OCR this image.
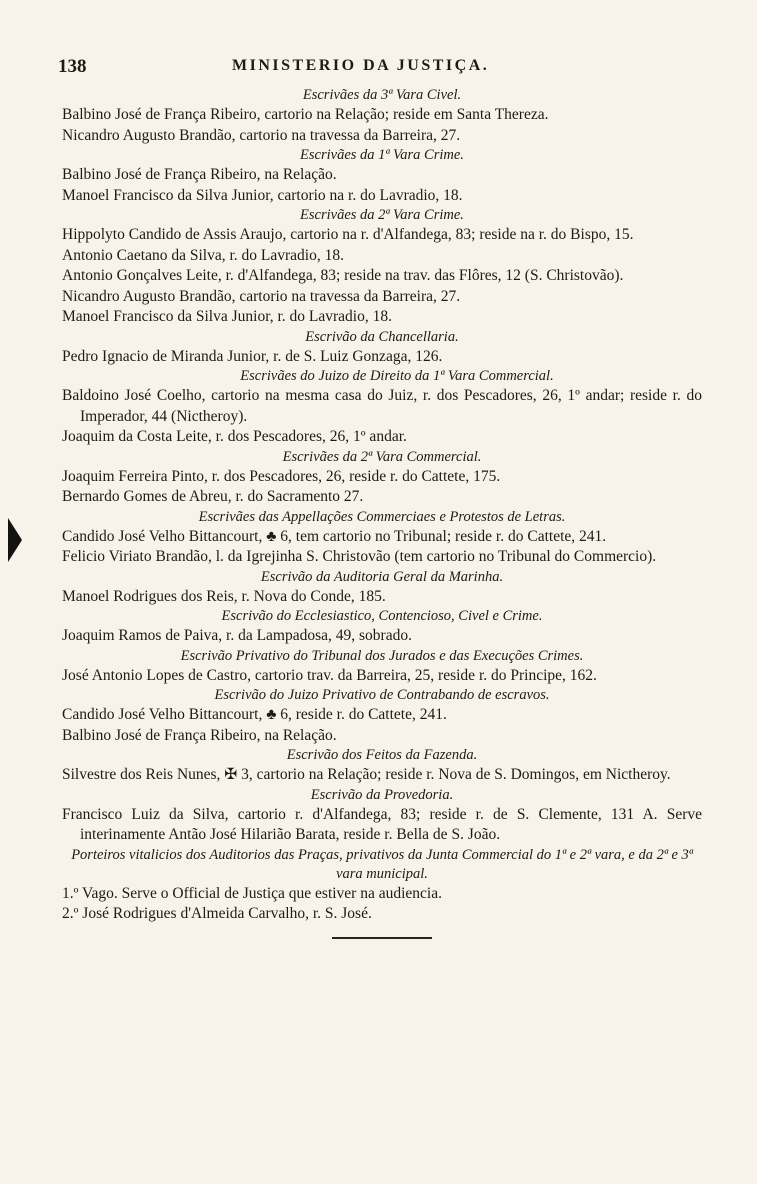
138	MINISTERIO DA JUSTIÇA.

Escrivães da 3ª Vara Civel.

Balbino José de França Ribeiro, cartorio na Relação; reside em Santa Thereza.

Nicandro Augusto Brandão, cartorio na travessa da Barreira, 27.

Escrivães da 1ª Vara Crime.

Balbino José de França Ribeiro, na Relação.

Manoel Francisco da Silva Junior, cartorio na r. do Lavradio, 18.

Escrivães da 2ª Vara Crime.

Hippolyto Candido de Assis Araujo, cartorio na r. d'Alfandega, 83; reside na r. do Bispo, 15.

Antonio Caetano da Silva, r. do Lavradio, 18.

Antonio Gonçalves Leite, r. d'Alfandega, 83; reside na trav. das Flôres, 12 (S. Christovão).

Nicandro Augusto Brandão, cartorio na travessa da Barreira, 27.

Manoel Francisco da Silva Junior, r. do Lavradio, 18.

Escrivão da Chancellaria.

Pedro Ignacio de Miranda Junior, r. de S. Luiz Gonzaga, 126.

Escrivães do Juizo de Direito da 1ª Vara Commercial.

Baldoino José Coelho, cartorio na mesma casa do Juiz, r. dos Pescadores, 26, 1º andar; reside r. do Imperador, 44 (Nictheroy).

Joaquim da Costa Leite, r. dos Pescadores, 26, 1º andar.

Escrivães da 2ª Vara Commercial.

Joaquim Ferreira Pinto, r. dos Pescadores, 26, reside r. do Cattete, 175.

Bernardo Gomes de Abreu, r. do Sacramento 27.

Escrivães das Appellações Commerciaes e Protestos de Letras.

Candido José Velho Bittancourt, ♣ 6, tem cartorio no Tribunal; reside r. do Cattete, 241.

Felicio Viriato Brandão, l. da Igrejinha S. Christovão (tem cartorio no Tribunal do Commercio).

Escrivão da Auditoria Geral da Marinha.

Manoel Rodrigues dos Reis, r. Nova do Conde, 185.

Escrivão do Ecclesiastico, Contencioso, Civel e Crime.

Joaquim Ramos de Paiva, r. da Lampadosa, 49, sobrado.

Escrivão Privativo do Tribunal dos Jurados e das Execuções Crimes.

José Antonio Lopes de Castro, cartorio trav. da Barreira, 25, reside r. do Principe, 162.

Escrivão do Juizo Privativo de Contrabando de escravos.

Candido José Velho Bittancourt, ♣ 6, reside r. do Cattete, 241.

Balbino José de França Ribeiro, na Relação.

Escrivão dos Feitos da Fazenda.

Silvestre dos Reis Nunes, ✠ 3, cartorio na Relação; reside r. Nova de S. Domingos, em Nictheroy.

Escrivão da Provedoria.

Francisco Luiz da Silva, cartorio r. d'Alfandega, 83; reside r. de S. Clemente, 131 A. Serve interinamente Antão José Hilarião Barata, reside r. Bella de S. João.

Porteiros vitalicios dos Auditorios das Praças, privativos da Junta Commercial do 1ª e 2ª vara, e da 2ª e 3ª vara municipal.

1.º Vago. Serve o Official de Justiça que estiver na audiencia.

2.º José Rodrigues d'Almeida Carvalho, r. S. José.
